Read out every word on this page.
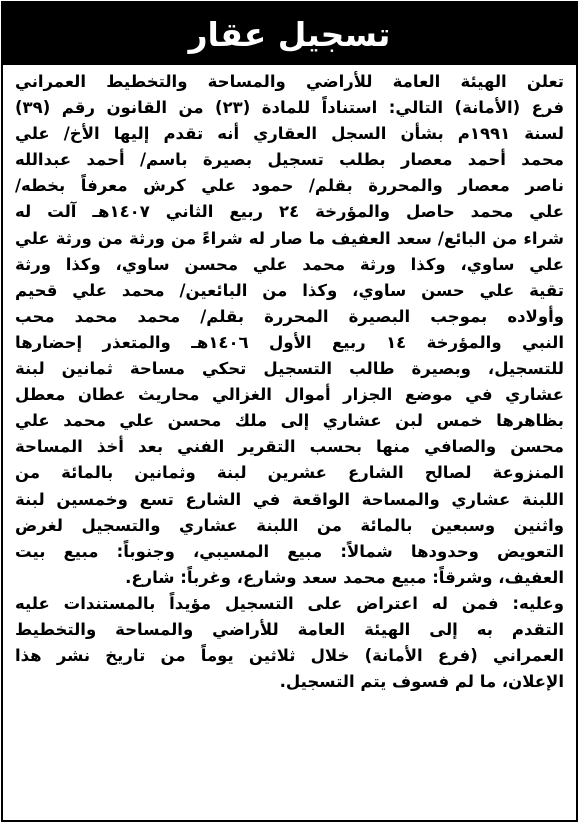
تسجيل عقار
تعلن الهيئة العامة للأراضي والمساحة والتخطيط العمراني
فرع (الأمانة) التالي: استناداً للمادة (٢٣) من القانون رقم (٣٩)
لسنة ١٩٩١م بشأن السجل العقاري أنه تقدم إليها الأخ/ علي
محمد أحمد معصار بطلب تسجيل بصيرة باسم/ أحمد عبدالله
ناصر معصار والمحررة بقلم/ حمود علي كرش معرفاً بخطه/
علي محمد حاصل والمؤرخة ٢٤ ربيع الثاني ١٤٠٧هـ آلت له
شراء من البائع/ سعد العفيف ما صار له شراءً من ورثة من ورثة علي
علي ساوي، وكذا ورثة محمد علي محسن ساوي، وكذا ورثة
تقية علي حسن ساوي، وكذا من البائعين/ محمد علي قحيم
وأولاده بموجب البصيرة المحررة بقلم/ محمد محمد محب
النبي والمؤرخة ١٤ ربيع الأول ١٤٠٦هـ والمتعذر إحضارها
للتسجيل، وبصيرة طالب التسجيل تحكي مساحة ثمانين لبنة
عشاري في موضع الجزار أموال الغزالي محاريث عطان معطل
بظاهرها خمس لبن عشاري إلى ملك محسن علي محمد علي
محسن والصافي منها بحسب التقرير الفني بعد أخذ المساحة
المنزوعة لصالح الشارع عشرين لبنة وثمانين بالمائة من
اللبنة عشاري والمساحة الواقعة في الشارع تسع وخمسين لبنة
واثنين وسبعين بالمائة من اللبنة عشاري والتسجيل لغرض
التعويض وحدودها شمالاً: مبيع المسيبي، وجنوباً: مبيع بيت
العفيف، وشرقاً: مبيع محمد سعد وشارع، وغرباً: شارع.
وعليه: فمن له اعتراض على التسجيل مؤيداً بالمستندات عليه
التقدم به إلى الهيئة العامة للأراضي والمساحة والتخطيط
العمراني (فرع الأمانة) خلال ثلاثين يوماً من تاريخ نشر هذا
الإعلان، ما لم فسوف يتم التسجيل.
